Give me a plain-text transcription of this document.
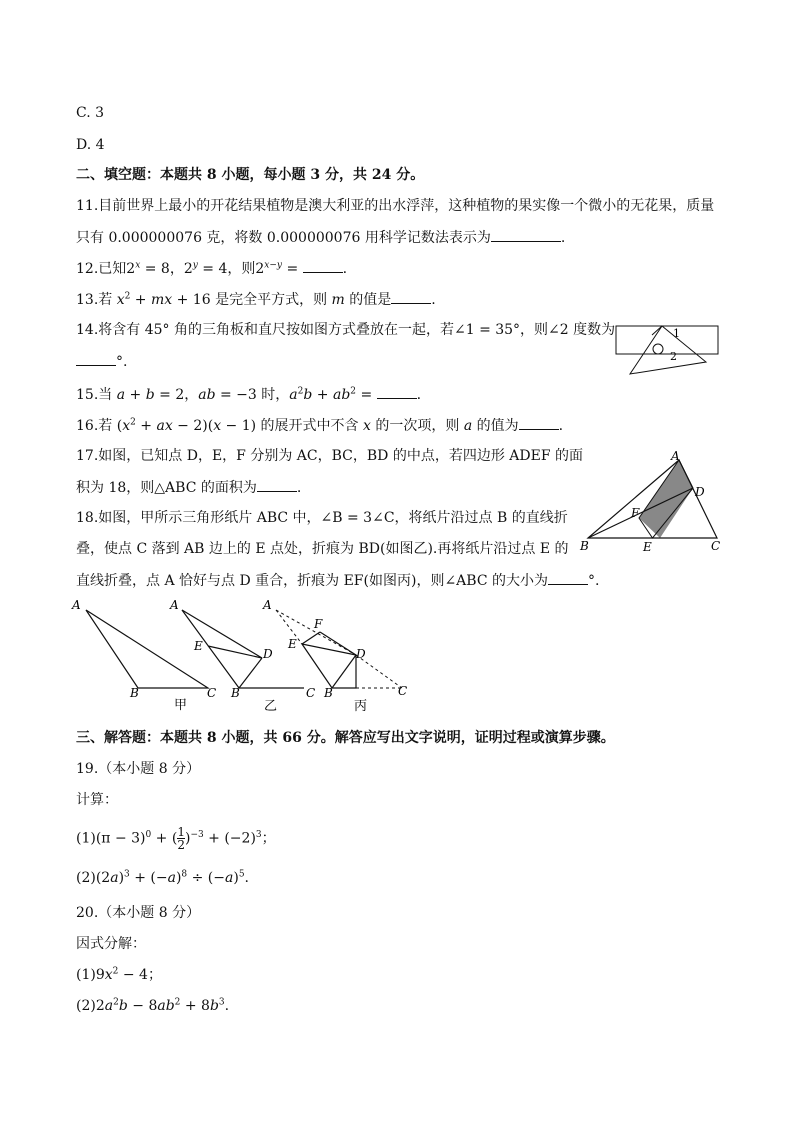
C. 3
D. 4
二、填空题：本题共 8 小题，每小题 3 分，共 24 分。
11.目前世界上最小的开花结果植物是澳大利亚的出水浮萍，这种植物的果实像一个微小的无花果，质量
只有 0.000000076 克，将数 0.000000076 用科学记数法表示为	.
12.已知$2^x = 8$，$2^y = 4$，则$2^{x-y}$ =	.
13.若 $x^2$ + mx + 16 是完全平方式，则 m 的值是	.
14.将含有 45° 角的三角板和直尺按如图方式叠放在一起，若∠1 = 35°，则∠2 度数为
°.
1
2
15.当 a + b = 2，ab = −3 时，$a^2b + ab^2$ =	.
16.若 ($x^2$ + ax − 2)(x − 1) 的展开式中不含 x 的一次项，则 a 的值为	.
17.如图，已知点 D，E，F 分别为 AC，BC，BD 的中点，若四边形 ADEF 的面
积为 18，则△ABC 的面积为	.
A
B	C
D
E
F
18.如图，甲所示三角形纸片 ABC 中，∠B = 3∠C，将纸片沿过点 B 的直线折
叠，使点 C 落到 AB 边上的 E 点处，折痕为 BD(如图乙).再将纸片沿过点 E 的
直线折叠，点 A 恰好与点 D 重合，折痕为 EF(如图丙)，则∠ABC 的大小为	°.
A
B	C
甲
A
E
D
B	C
乙
A
F
E
D
B	C
丙
三、解答题：本题共 8 小题，共 66 分。解答应写出文字说明，证明过程或演算步骤。
19.（本小题 8 分）
计算：
$(1)(\pi - 3)^0$ + ( $\frac{1}{2} )^{-3} + (-2)^3$；
$(2)(2a)^3 + (-a)^8 \div (-a)^5$.
20.（本小题 8 分）
因式分解：
$(1)9x^2 - 4$；
$(2)2a^2b - 8ab^2 + 8b^3$.
